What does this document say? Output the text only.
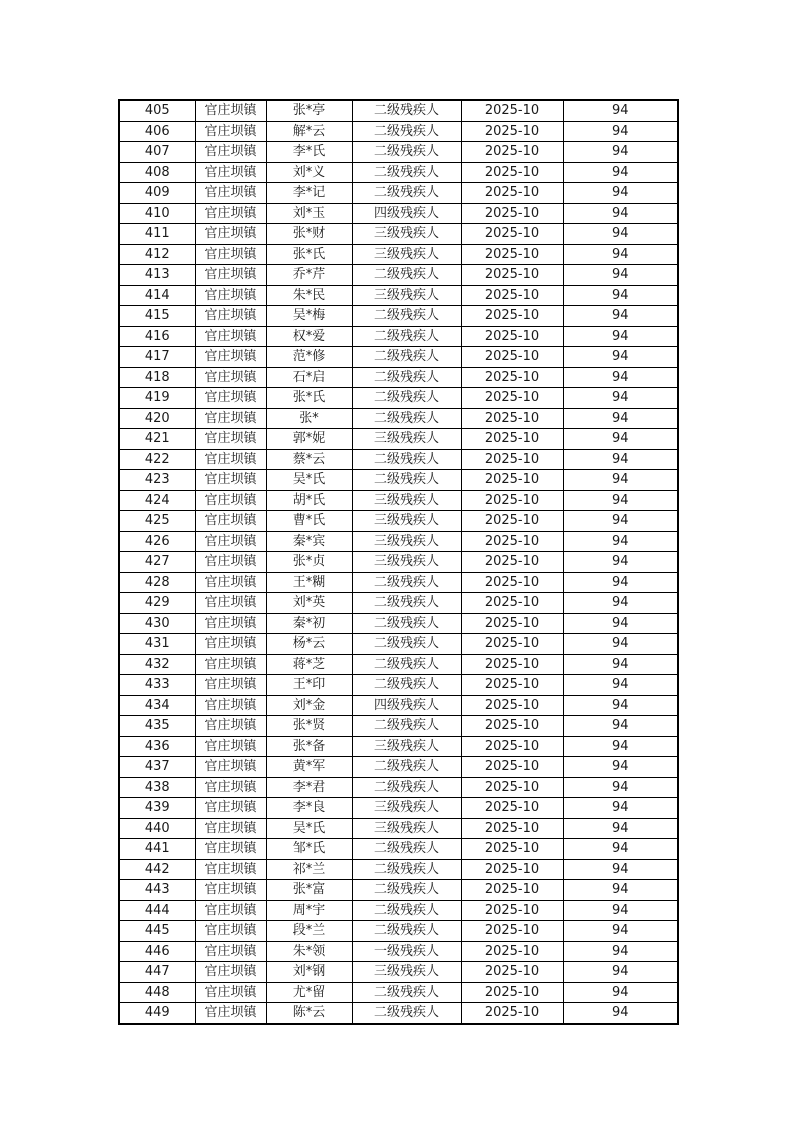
405	官庄坝镇	张*亭	二级残疾人	2025-10	94
406	官庄坝镇	解*云	二级残疾人	2025-10	94
407	官庄坝镇	李*氏	二级残疾人	2025-10	94
408	官庄坝镇	刘*义	二级残疾人	2025-10	94
409	官庄坝镇	李*记	二级残疾人	2025-10	94
410	官庄坝镇	刘*玉	四级残疾人	2025-10	94
411	官庄坝镇	张*财	三级残疾人	2025-10	94
412	官庄坝镇	张*氏	三级残疾人	2025-10	94
413	官庄坝镇	乔*芹	二级残疾人	2025-10	94
414	官庄坝镇	朱*民	三级残疾人	2025-10	94
415	官庄坝镇	吴*梅	二级残疾人	2025-10	94
416	官庄坝镇	权*爱	二级残疾人	2025-10	94
417	官庄坝镇	范*修	二级残疾人	2025-10	94
418	官庄坝镇	石*启	二级残疾人	2025-10	94
419	官庄坝镇	张*氏	二级残疾人	2025-10	94
420	官庄坝镇	张*	二级残疾人	2025-10	94
421	官庄坝镇	郭*妮	三级残疾人	2025-10	94
422	官庄坝镇	蔡*云	二级残疾人	2025-10	94
423	官庄坝镇	吴*氏	二级残疾人	2025-10	94
424	官庄坝镇	胡*氏	三级残疾人	2025-10	94
425	官庄坝镇	曹*氏	三级残疾人	2025-10	94
426	官庄坝镇	秦*宾	三级残疾人	2025-10	94
427	官庄坝镇	张*贞	三级残疾人	2025-10	94
428	官庄坝镇	王*糊	二级残疾人	2025-10	94
429	官庄坝镇	刘*英	二级残疾人	2025-10	94
430	官庄坝镇	秦*初	二级残疾人	2025-10	94
431	官庄坝镇	杨*云	二级残疾人	2025-10	94
432	官庄坝镇	蒋*芝	二级残疾人	2025-10	94
433	官庄坝镇	王*印	二级残疾人	2025-10	94
434	官庄坝镇	刘*金	四级残疾人	2025-10	94
435	官庄坝镇	张*贤	二级残疾人	2025-10	94
436	官庄坝镇	张*备	三级残疾人	2025-10	94
437	官庄坝镇	黄*军	二级残疾人	2025-10	94
438	官庄坝镇	李*君	二级残疾人	2025-10	94
439	官庄坝镇	李*良	三级残疾人	2025-10	94
440	官庄坝镇	吴*氏	三级残疾人	2025-10	94
441	官庄坝镇	邹*氏	二级残疾人	2025-10	94
442	官庄坝镇	祁*兰	二级残疾人	2025-10	94
443	官庄坝镇	张*富	二级残疾人	2025-10	94
444	官庄坝镇	周*宇	二级残疾人	2025-10	94
445	官庄坝镇	段*兰	二级残疾人	2025-10	94
446	官庄坝镇	朱*领	一级残疾人	2025-10	94
447	官庄坝镇	刘*钢	三级残疾人	2025-10	94
448	官庄坝镇	尤*留	二级残疾人	2025-10	94
449	官庄坝镇	陈*云	二级残疾人	2025-10	94
